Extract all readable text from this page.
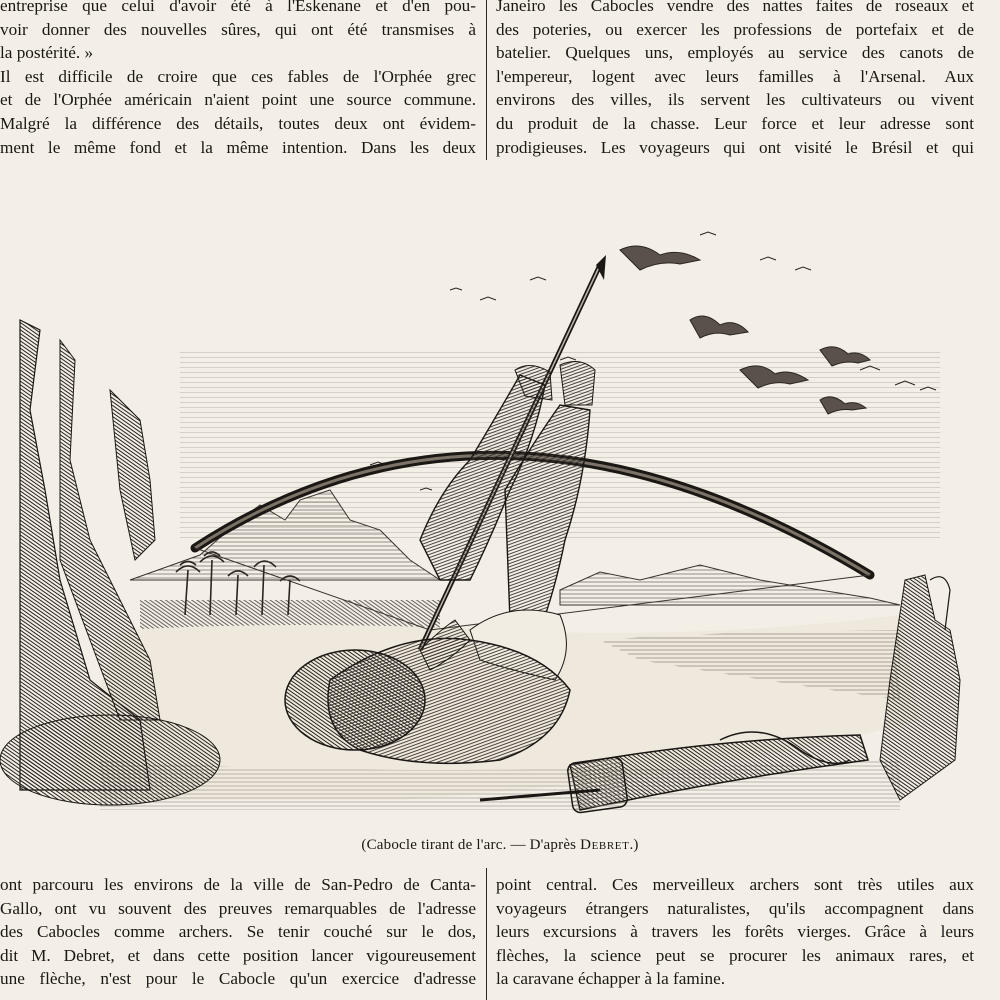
entreprise que celui d'avoir été à l'Eskenane et d'en pou-
voir donner des nouvelles sûres, qui ont été transmises à
la postérité. »
Il est difficile de croire que ces fables de l'Orphée grec
et de l'Orphée américain n'aient point une source commune.
Malgré la différence des détails, toutes deux ont évidem-
ment le même fond et la même intention. Dans les deux
Janeiro les Cabocles vendre des nattes faites de roseaux et
des poteries, ou exercer les professions de portefaix et de
batelier. Quelques uns, employés au service des canots de
l'empereur, logent avec leurs familles à l'Arsenal. Aux
environs des villes, ils servent les cultivateurs ou vivent
du produit de la chasse. Leur force et leur adresse sont
prodigieuses. Les voyageurs qui ont visité le Brésil et qui
(Cabocle tirant de l'arc. — D'après Debret.)
ont parcouru les environs de la ville de San-Pedro de Canta-
Gallo, ont vu souvent des preuves remarquables de l'adresse
des Cabocles comme archers. Se tenir couché sur le dos,
dit M. Debret, et dans cette position lancer vigoureusement
une flèche, n'est pour le Cabocle qu'un exercice d'adresse
point central. Ces merveilleux archers sont très utiles aux
voyageurs étrangers naturalistes, qu'ils accompagnent dans
leurs excursions à travers les forêts vierges. Grâce à leurs
flèches, la science peut se procurer les animaux rares, et
la caravane échapper à la famine.
